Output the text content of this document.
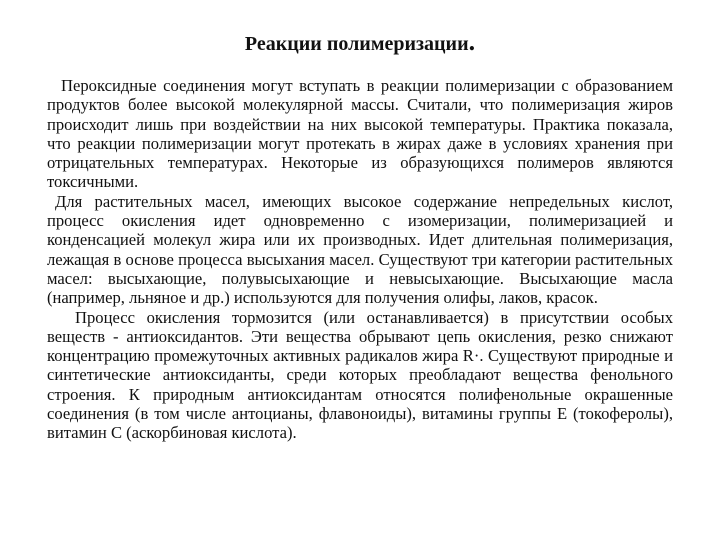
Реакции полимеризации.

Пероксидные соединения могут вступать в реакции полимеризации с образованием продуктов более высокой молекулярной массы. Считали, что полимеризация жиров происходит лишь при воздействии на них высокой температуры. Практика показала, что реакции полимеризации могут протекать в жирах даже в условиях хранения при отрицательных температурах. Некоторые из образующихся полимеров являются токсичными.

Для растительных масел, имеющих высокое содержание непредельных кислот, процесс окисления идет одновременно с изомеризации, полимеризацией и конденсацией молекул жира или их производных. Идет длительная полимеризация, лежащая в основе процесса высыхания масел. Существуют три категории растительных масел: высыхающие, полувысыхающие и невысыхающие. Высыхающие масла (например, льняное и др.) используются для получения олифы, лаков, красок.

Процесс окисления тормозится (или останавливается) в присутствии особых веществ - антиоксидантов. Эти вещества обрывают цепь окисления, резко снижают концентрацию промежуточных активных радикалов жира R·. Существуют природные и синтетические антиоксиданты, среди которых преобладают вещества фенольного строения. К природным антиоксидантам относятся полифенольные окрашенные соединения (в том числе антоцианы, флавоноиды), витамины группы Е (токоферолы), витамин С (аскорбиновая кислота).
